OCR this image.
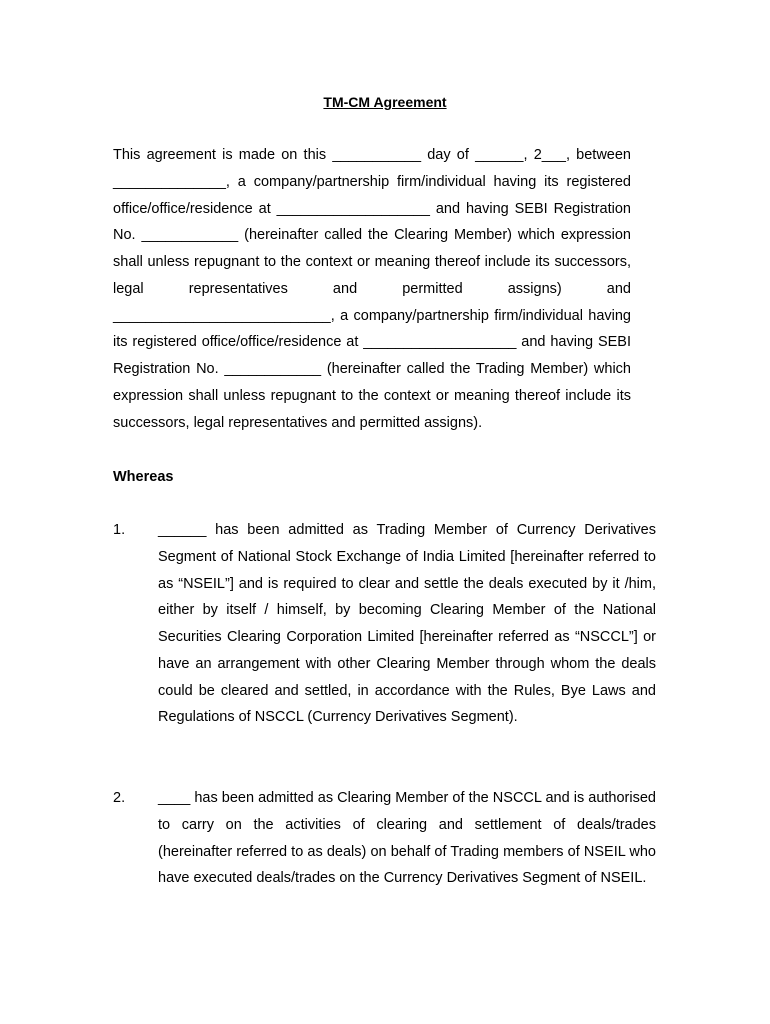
TM-CM Agreement
This agreement is made on this ___________ day of ______, 2___, between ______________, a company/partnership firm/individual having its registered office/office/residence at ___________________ and having SEBI Registration No. ____________ (hereinafter called the Clearing Member) which expression shall unless repugnant to the context or meaning thereof include its successors, legal representatives and permitted assigns) and ___________________________, a company/partnership firm/individual having its registered office/office/residence at ___________________ and having SEBI Registration No. ____________ (hereinafter called the Trading Member) which expression shall unless repugnant to the context or meaning thereof include its successors, legal representatives and permitted assigns).
Whereas
1. ______ has been admitted as Trading Member of Currency Derivatives Segment of National Stock Exchange of India Limited [hereinafter referred to as “NSEIL”] and is required to clear and settle the deals executed by it /him, either by itself / himself, by becoming Clearing Member of the National Securities Clearing Corporation Limited [hereinafter referred as “NSCCL”] or have an arrangement with other Clearing Member through whom the deals could be cleared and settled, in accordance with the Rules, Bye Laws and Regulations of NSCCL (Currency Derivatives Segment).
2. ____ has been admitted as Clearing Member of the NSCCL and is authorised to carry on the activities of clearing and settlement of deals/trades (hereinafter referred to as deals) on behalf of Trading members of NSEIL who have executed deals/trades on the Currency Derivatives Segment of NSEIL.
